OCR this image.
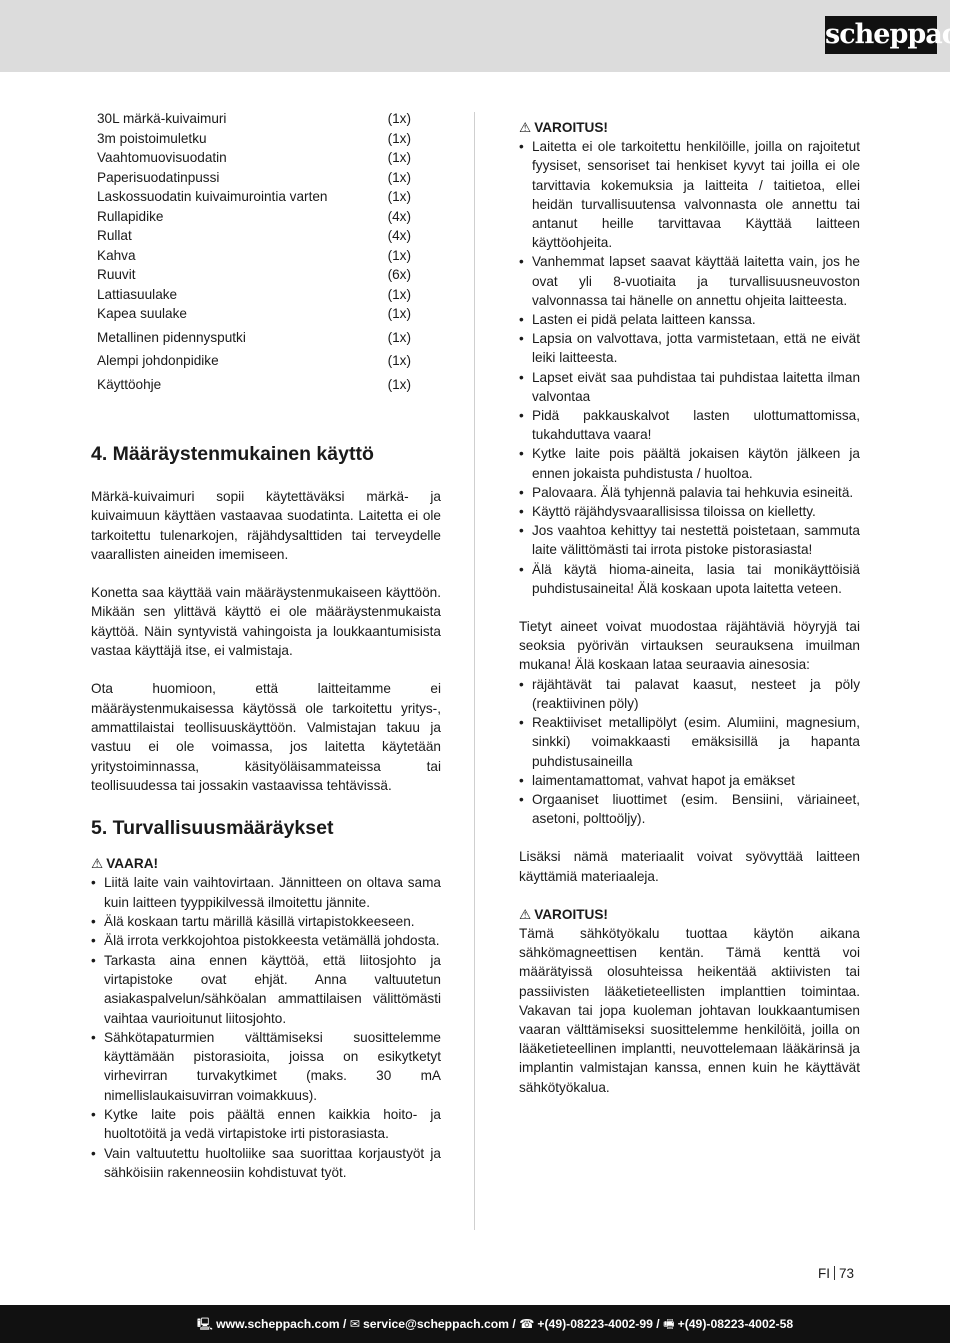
scheppach
30L märkä-kuivaimuri	(1x)
3m poistoimuletku	(1x)
Vaahtomuovisuodatin	(1x)
Paperisuodatinpussi	(1x)
Laskossuodatin kuivaimurointia varten	(1x)
Rullapidike	(4x)
Rullat	(4x)
Kahva	(1x)
Ruuvit	(6x)
Lattiasuulake	(1x)
Kapea suulake	(1x)
Metallinen pidennysputki	(1x)
Alempi johdonpidike	(1x)
Käyttöohje	(1x)
4. Määräystenmukainen käyttö

Märkä-kuivaimuri sopii käytettäväksi märkä- ja kuivaimuun käyttäen vastaavaa suodatinta. Laitetta ei ole tarkoitettu tulenarkojen, räjähdysalttiden tai terveydelle vaarallisten aineiden imemiseen.

Konetta saa käyttää vain määräystenmukaiseen käyttöön. Mikään sen ylittävä käyttö ei ole määräystenmukaista käyttöä. Näin syntyvistä vahingoista ja loukkaantumisista vastaa käyttäjä itse, ei valmistaja.

Ota huomioon, että laitteitamme ei määräystenmukaisessa käytössä ole tarkoitettu yritys-, ammattilaistai teollisuuskäyttöön. Valmistajan takuu ja vastuu ei ole voimassa, jos laitetta käytetään yritystoiminnassa, käsityöläisammateissa tai teollisuudessa tai jossakin vastaavissa tehtävissä.

5. Turvallisuusmääräykset
⚠ VAARA!
• Liitä laite vain vaihtovirtaan. Jännitteen on oltava sama kuin laitteen tyyppikilvessä ilmoitettu jännite.
• Älä koskaan tartu märillä käsillä virtapistokkeeseen.
• Älä irrota verkkojohtoa pistokkeesta vetämällä johdosta.
• Tarkasta aina ennen käyttöä, että liitosjohto ja virtapistoke ovat ehjät. Anna valtuutetun asiakaspalvelun/sähköalan ammattilaisen välittömästi vaihtaa vaurioitunut liitosjohto.
• Sähkötapaturmien välttämiseksi suosittelemme käyttämään pistorasioita, joissa on esikytketyt virhevirran turvakytkimet (maks. 30 mA nimellislaukaisuvirran voimakkuus).
• Kytke laite pois päältä ennen kaikkia hoito- ja huoltotöitä ja vedä virtapistoke irti pistorasiasta.
• Vain valtuutettu huoltoliike saa suorittaa korjaustyöt ja sähköisiin rakenneosiin kohdistuvat työt.
⚠ VAROITUS!
• Laitetta ei ole tarkoitettu henkilöille, joilla on rajoitetut fyysiset, sensoriset tai henkiset kyvyt tai joilla ei ole tarvittavia kokemuksia ja laitteita / taitietoa, ellei heidän turvallisuutensa valvonnasta ole annettu tai antanut heille tarvittavaa Käyttää laitteen käyttöohjeita.
• Vanhemmat lapset saavat käyttää laitetta vain, jos he ovat yli 8-vuotiaita ja turvallisuusneuvoston valvonnassa tai hänelle on annettu ohjeita laitteesta.
• Lasten ei pidä pelata laitteen kanssa.
• Lapsia on valvottava, jotta varmistetaan, että ne eivät leiki laitteesta.
• Lapset eivät saa puhdistaa tai puhdistaa laitetta ilman valvontaa
• Pidä pakkauskalvot lasten ulottumattomissa, tukahduttava vaara!
• Kytke laite pois päältä jokaisen käytön jälkeen ja ennen jokaista puhdistusta / huoltoa.
• Palovaara. Älä tyhjennä palavia tai hehkuvia esineitä.
• Käyttö räjähdysvaarallisissa tiloissa on kielletty.
• Jos vaahtoa kehittyy tai nestettä poistetaan, sammuta laite välittömästi tai irrota pistoke pistorasiasta!
• Älä käytä hioma-aineita, lasia tai monikäyttöisiä puhdistusaineita! Älä koskaan upota laitetta veteen.

Tietyt aineet voivat muodostaa räjähtäviä höyryjä tai seoksia pyörivän virtauksen seurauksena imuilman mukana! Älä koskaan lataa seuraavia ainesosia:

• räjähtävät tai palavat kaasut, nesteet ja pöly (reaktiivinen pöly)
• Reaktiiviset metallipölyt (esim. Alumiini, magnesium, sinkki) voimakkaasti emäksisillä ja hapanta puhdistusaineilla
• laimentamattomat, vahvat hapot ja emäkset
• Orgaaniset liuottimet (esim. Bensiini, väriaineet, asetoni, polttoöljy).

Lisäksi nämä materiaalit voivat syövyttää laitteen käyttämiä materiaaleja.

⚠ VAROITUS!

Tämä sähkötyökalu tuottaa käytön aikana sähkömagneettisen kentän. Tämä kenttä voi määrätyissä olosuhteissa heikentää aktiivisten tai passiivisten lääketieteellisten implanttien toimintaa. Vakavan tai jopa kuoleman johtavan loukkaantumisen vaaran välttämiseksi suosittelemme henkilöitä, joilla on lääketieteellinen implantti, neuvottelemaan lääkärinsä ja implantin valmistajan kanssa, ennen kuin he käyttävät sähkötyökalua.

FI 73
🖳 www.scheppach.com / ✉ service@scheppach.com / ☎ +(49)-08223-4002-99 / 🖷 +(49)-08223-4002-58
